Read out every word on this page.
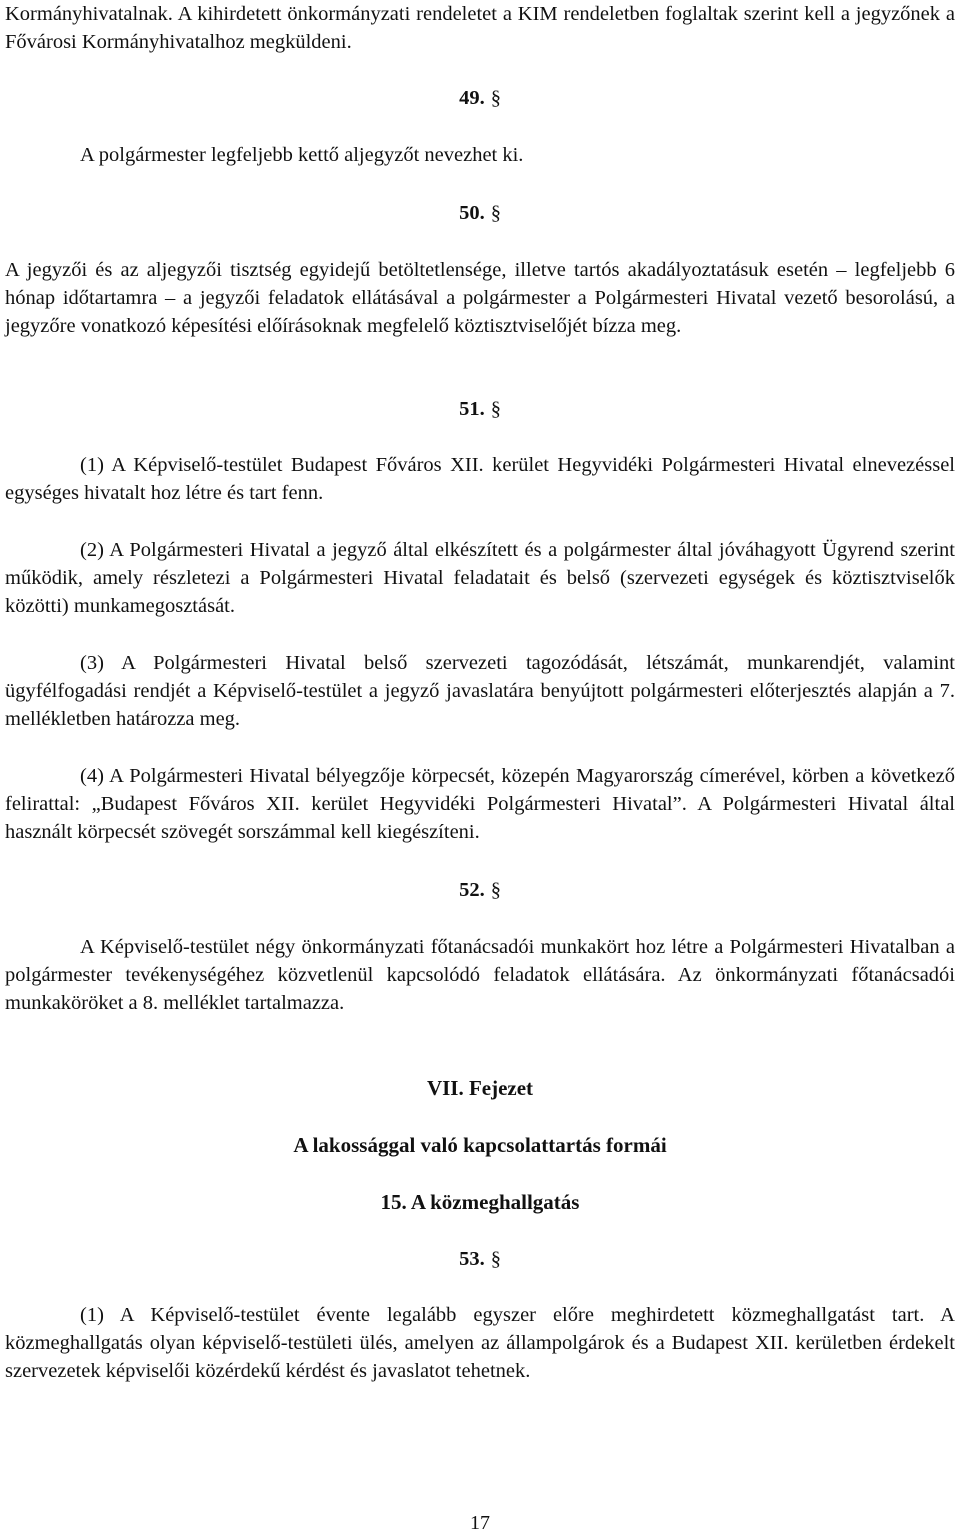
Kormányhivatalnak. A kihirdetett önkormányzati rendeletet a KIM rendeletben foglaltak szerint kell a jegyzőnek a Fővárosi Kormányhivatalhoz megküldeni.
49. §
A polgármester legfeljebb kettő aljegyzőt nevezhet ki.
50. §
A jegyzői és az aljegyzői tisztség egyidejű betöltetlensége, illetve tartós akadályoztatásuk esetén – legfeljebb 6 hónap időtartamra – a jegyzői feladatok ellátásával a polgármester a Polgármesteri Hivatal vezető besorolású, a jegyzőre vonatkozó képesítési előírásoknak megfelelő köztisztviselőjét bízza meg.
51. §
(1) A Képviselő-testület Budapest Főváros XII. kerület Hegyvidéki Polgármesteri Hivatal elnevezéssel egységes hivatalt hoz létre és tart fenn.
(2) A Polgármesteri Hivatal a jegyző által elkészített és a polgármester által jóváhagyott Ügyrend szerint működik, amely részletezi a Polgármesteri Hivatal feladatait és belső (szervezeti egységek és köztisztviselők közötti) munkamegosztását.
(3) A Polgármesteri Hivatal belső szervezeti tagozódását, létszámát, munkarendjét, valamint ügyfélfogadási rendjét a Képviselő-testület a jegyző javaslatára benyújtott polgármesteri előterjesztés alapján a 7. mellékletben határozza meg.
(4) A Polgármesteri Hivatal bélyegzője körpecsét, közepén Magyarország címerével, körben a következő felirattal: „Budapest Főváros XII. kerület Hegyvidéki Polgármesteri Hivatal”. A Polgármesteri Hivatal által használt körpecsét szövegét sorszámmal kell kiegészíteni.
52. §
A Képviselő-testület négy önkormányzati főtanácsadói munkakört hoz létre a Polgármesteri Hivatalban a polgármester tevékenységéhez közvetlenül kapcsolódó feladatok ellátására. Az önkormányzati főtanácsadói munkaköröket a 8. melléklet tartalmazza.
VII. Fejezet
A lakossággal való kapcsolattartás formái
15. A közmeghallgatás
53. §
(1) A Képviselő-testület évente legalább egyszer előre meghirdetett közmeghallgatást tart. A közmeghallgatás olyan képviselő-testületi ülés, amelyen az állampolgárok és a Budapest XII. kerületben érdekelt szervezetek képviselői közérdekű kérdést és javaslatot tehetnek.
17
